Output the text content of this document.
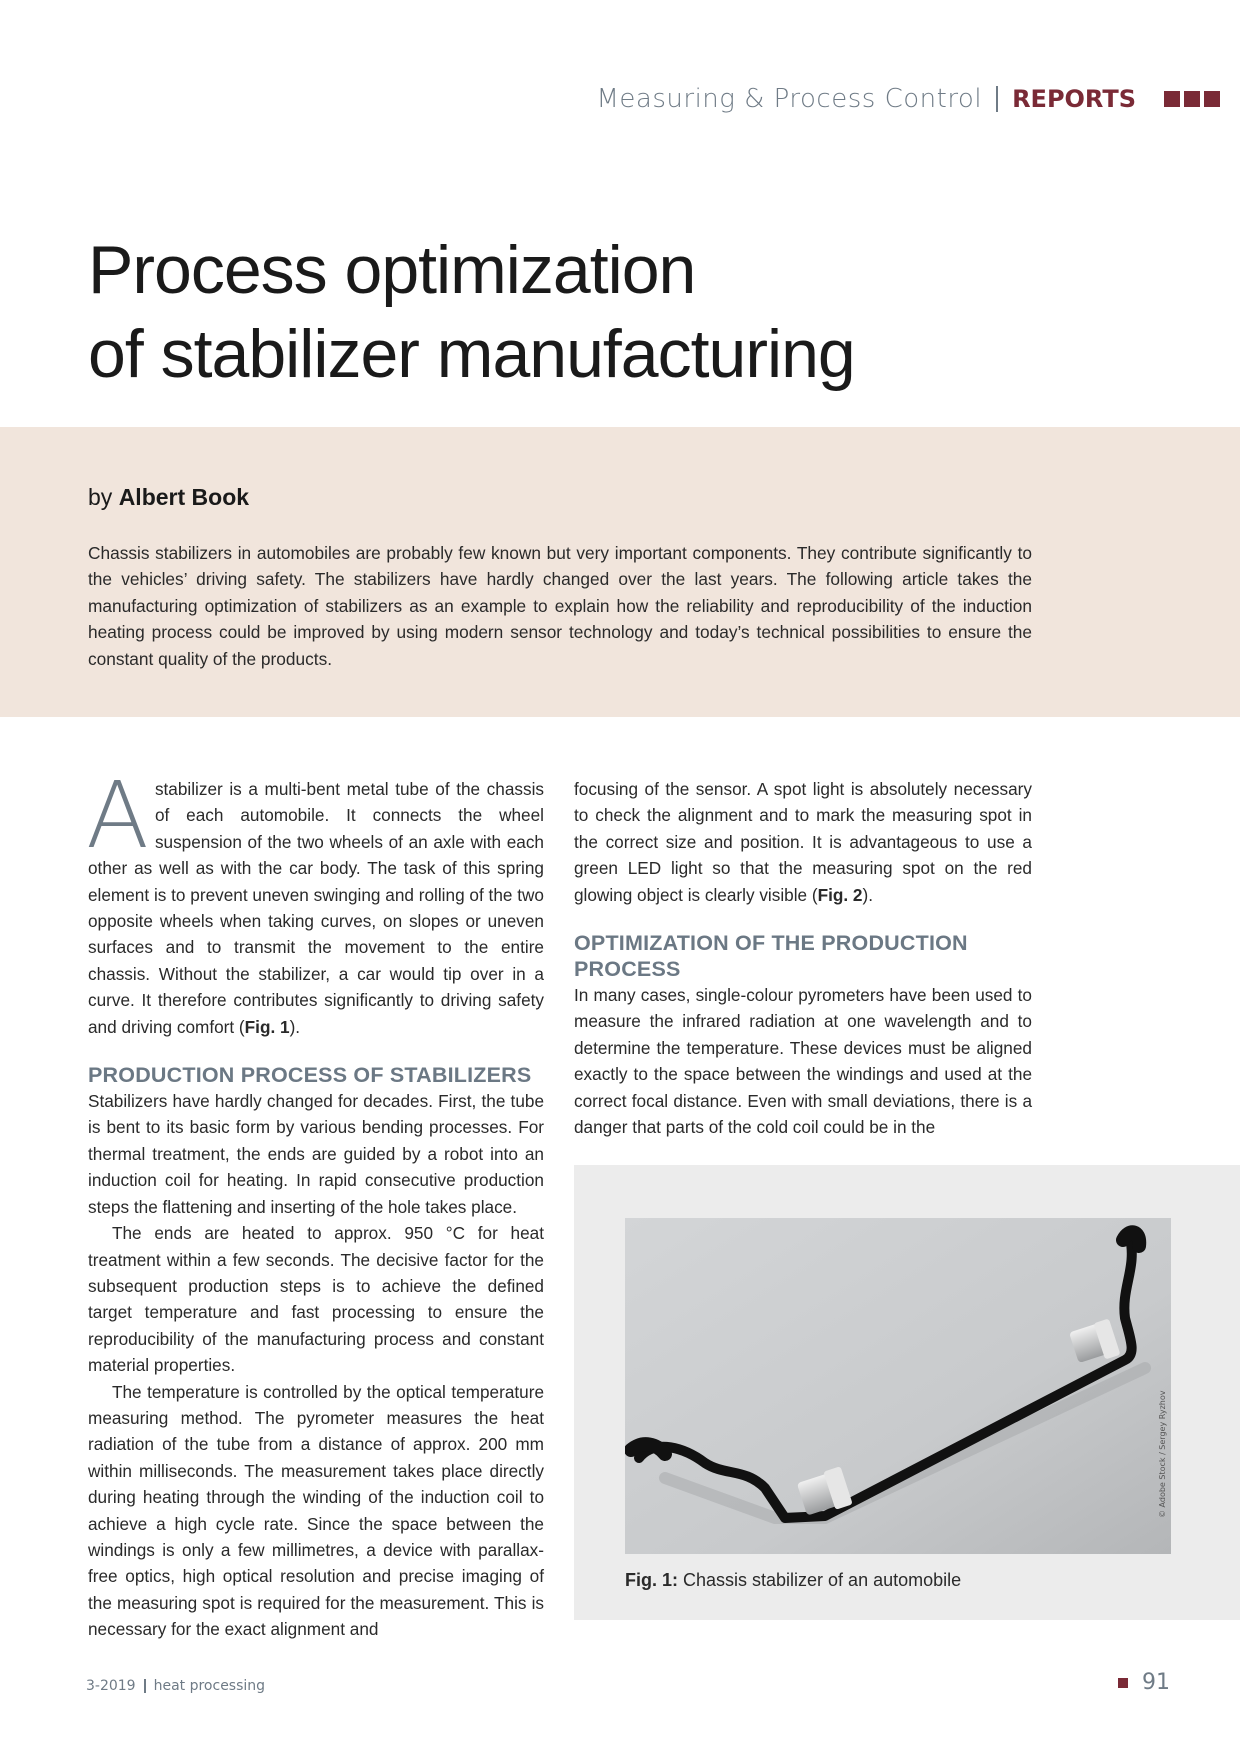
Measuring & Process Control REPORTS
Process optimization
of stabilizer manufacturing
by Albert Book
Chassis stabilizers in automobiles are probably few known but very important components. They contribute significantly to the vehicles’ driving safety. The stabilizers have hardly changed over the last years. The following article takes the manufacturing optimization of stabilizers as an example to explain how the reliability and reproducibility of the induction heating process could be improved by using modern sensor technology and today’s technical possibilities to ensure the constant quality of the products.

A stabilizer is a multi-bent metal tube of the chassis of each automobile. It connects the wheel suspension of the two wheels of an axle with each other as well as with the car body. The task of this spring element is to prevent uneven swinging and rolling of the two opposite wheels when taking curves, on slopes or uneven surfaces and to transmit the movement to the entire chassis. Without the stabilizer, a car would tip over in a curve. It therefore contributes significantly to driving safety and driving comfort (Fig. 1).

PRODUCTION PROCESS OF STABILIZERS

Stabilizers have hardly changed for decades. First, the tube is bent to its basic form by various bending processes. For thermal treatment, the ends are guided by a robot into an induction coil for heating. In rapid consecutive production steps the flattening and inserting of the hole takes place.

The ends are heated to approx. 950 °C for heat treatment within a few seconds. The decisive factor for the subsequent production steps is to achieve the defined target temperature and fast processing to ensure the reproducibility of the manufacturing process and constant material properties.

The temperature is controlled by the optical temperature measuring method. The pyrometer measures the heat radiation of the tube from a distance of approx. 200 mm within milliseconds. The measurement takes place directly during heating through the winding of the induction coil to achieve a high cycle rate. Since the space between the windings is only a few millimetres, a device with parallax-free optics, high optical resolution and precise imaging of the measuring spot is required for the measurement. This is necessary for the exact alignment and

focusing of the sensor. A spot light is absolutely necessary to check the alignment and to mark the measuring spot in the correct size and position. It is advantageous to use a green LED light so that the measuring spot on the red glowing object is clearly visible (Fig. 2).

OPTIMIZATION OF THE PRODUCTION PROCESS

In many cases, single-colour pyrometers have been used to measure the infrared radiation at one wavelength and to determine the temperature. These devices must be aligned exactly to the space between the windings and used at the correct focal distance. Even with small deviations, there is a danger that parts of the cold coil could be in the

© Adobe Stock / Sergey Ryzhov
Fig. 1: Chassis stabilizer of an automobile
3-2019 heat processing	91
